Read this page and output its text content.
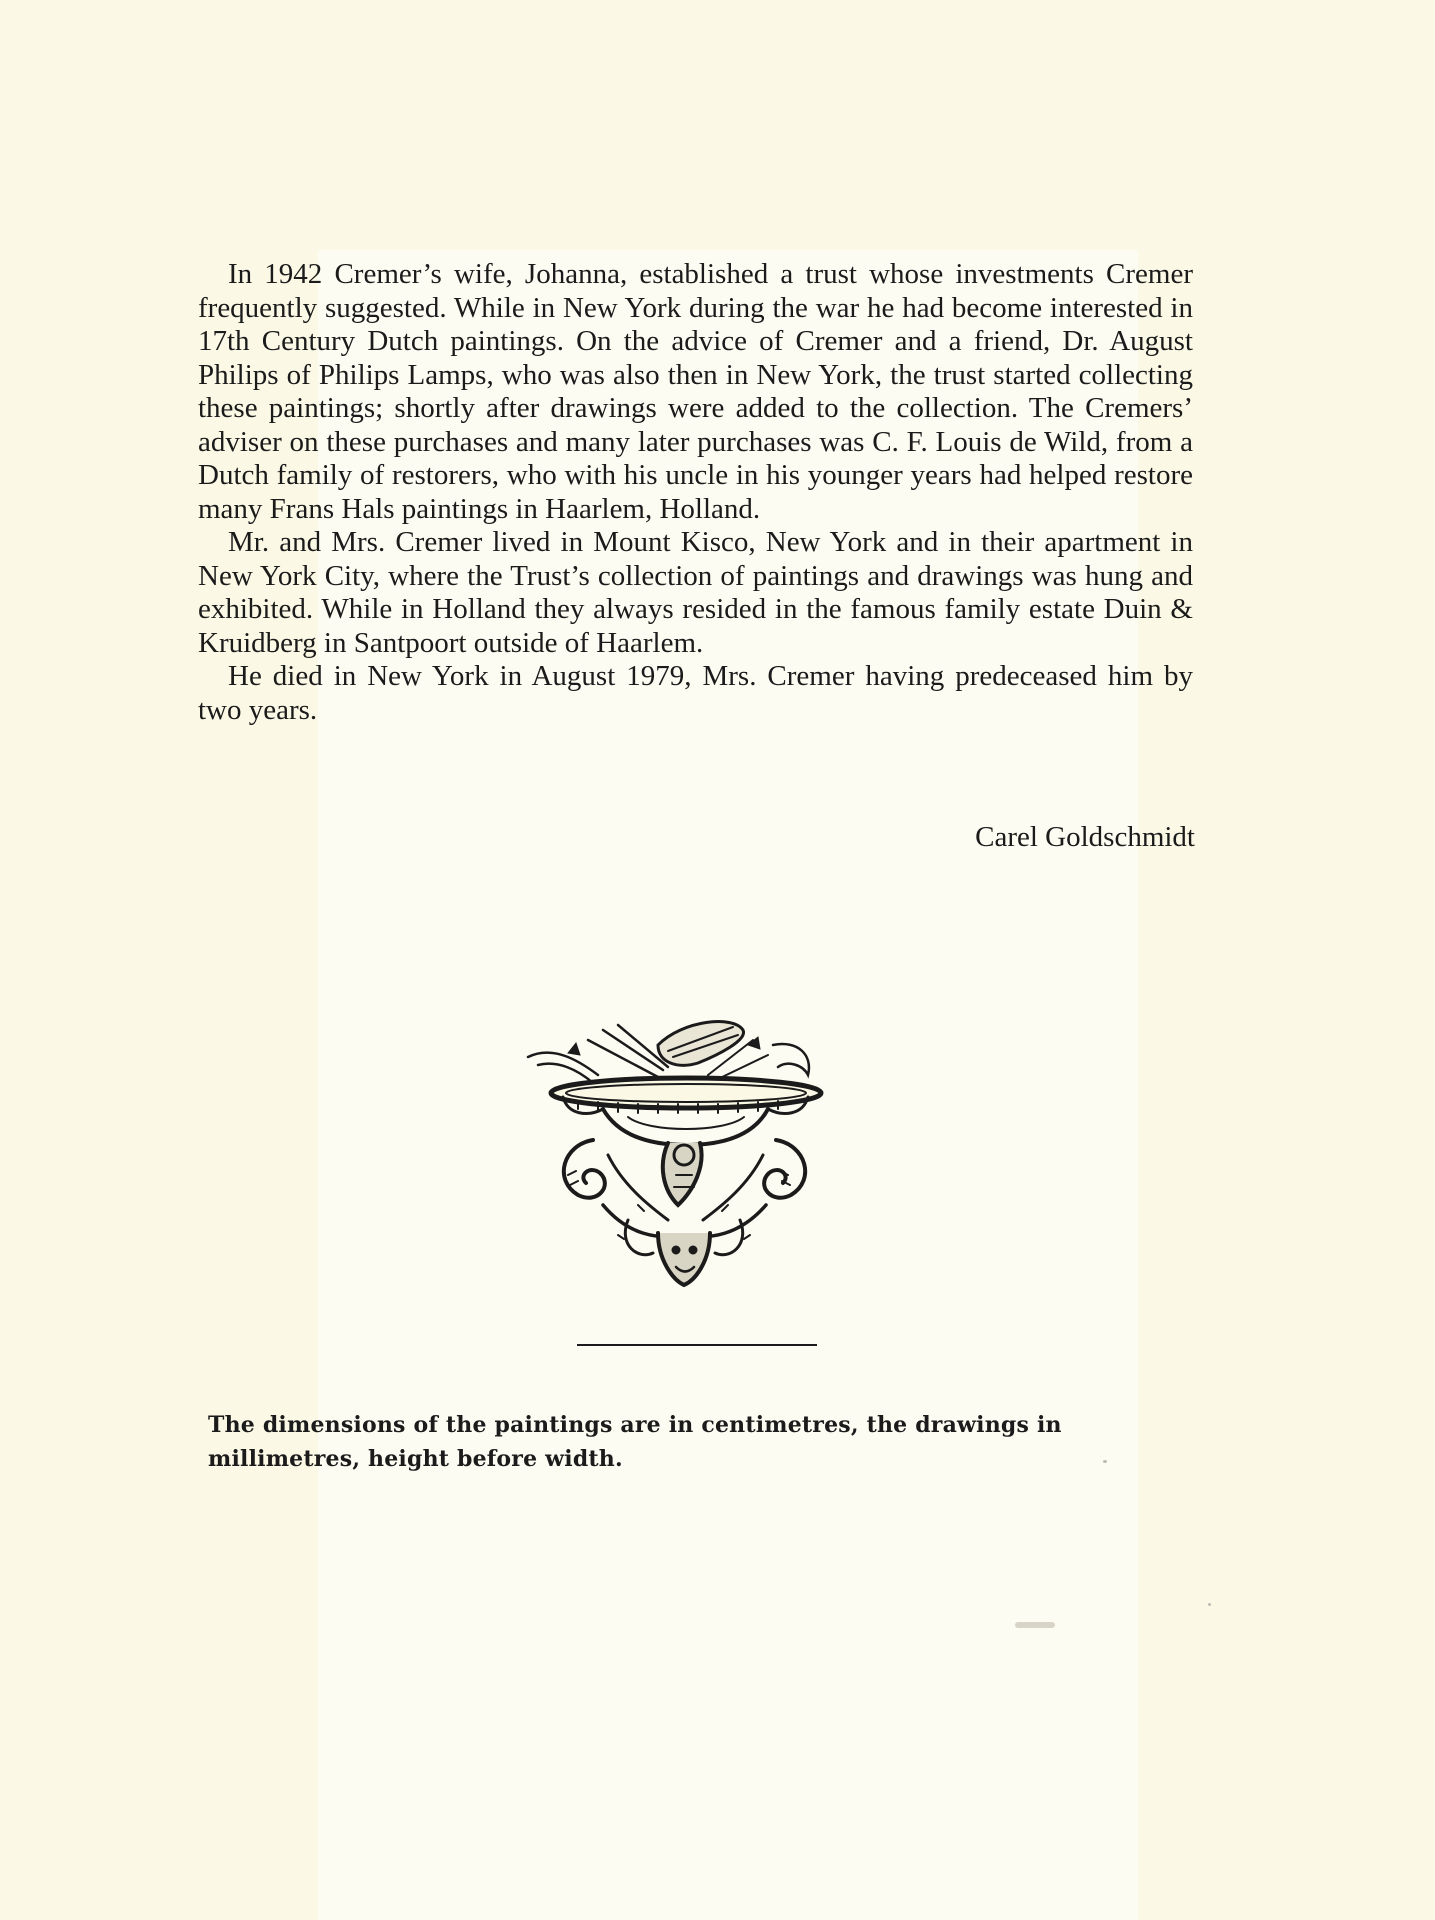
In 1942 Cremer’s wife, Johanna, established a trust whose investments Cremer frequently suggested. While in New York during the war he had become interested in 17th Century Dutch paintings. On the advice of Cremer and a friend, Dr. August Philips of Philips Lamps, who was also then in New York, the trust started collecting these paintings; shortly after drawings were added to the collection. The Cremers’ adviser on these purchases and many later purchases was C. F. Louis de Wild, from a Dutch family of restorers, who with his uncle in his younger years had helped restore many Frans Hals paintings in Haarlem, Holland.

Mr. and Mrs. Cremer lived in Mount Kisco, New York and in their apartment in New York City, where the Trust’s collection of paintings and drawings was hung and exhibited. While in Holland they always resided in the famous family estate Duin & Kruidberg in Santpoort outside of Haarlem.

He died in New York in August 1979, Mrs. Cremer having predeceased him by two years.

Carel Goldschmidt
The dimensions of the paintings are in centimetres, the drawings in millimetres, height before width.
